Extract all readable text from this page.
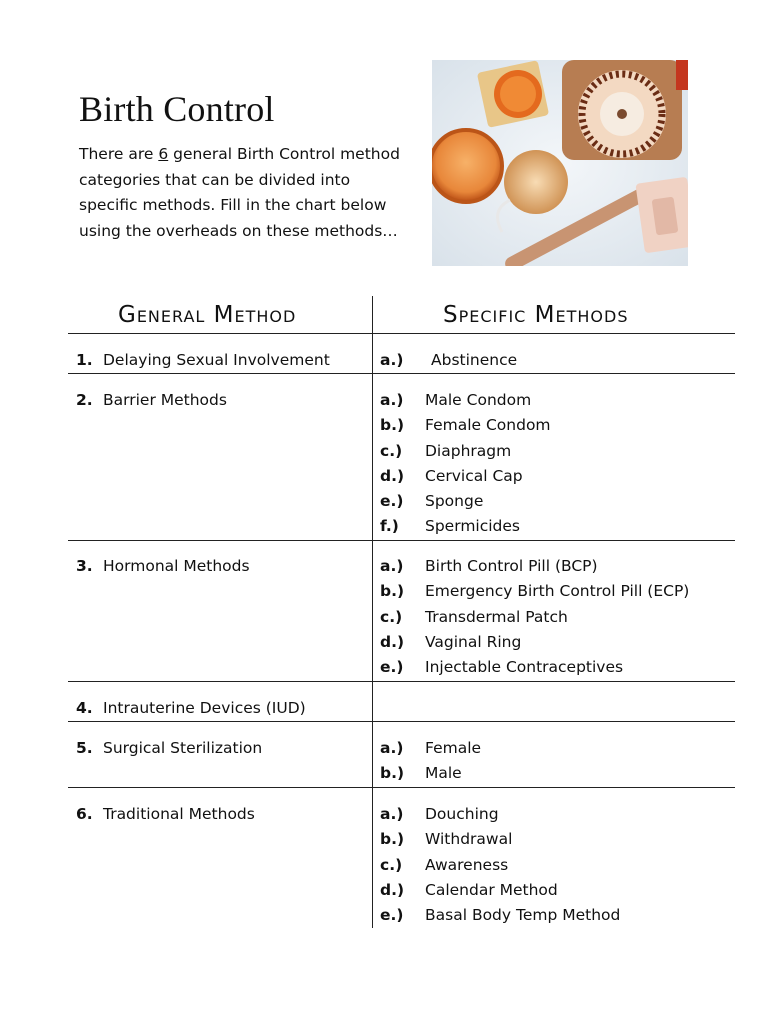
Birth Control

There are 6 general Birth Control method categories that can be divided into specific methods. Fill in the chart below using the overheads on these methods…

General Method	Specific Methods
1. Delaying Sexual Involvement	a.) Abstinence
2. Barrier Methods	a.) Male Condom
b.) Female Condom
c.) Diaphragm
d.) Cervical Cap
e.) Sponge
f.) Spermicides
3. Hormonal Methods	a.) Birth Control Pill (BCP)
b.) Emergency Birth Control Pill (ECP)
c.) Transdermal Patch
d.) Vaginal Ring
e.) Injectable Contraceptives
4. Intrauterine Devices (IUD)
5. Surgical Sterilization	a.) Female
b.) Male
6. Traditional Methods	a.) Douching
b.) Withdrawal
c.) Awareness
d.) Calendar Method
e.) Basal Body Temp Method
